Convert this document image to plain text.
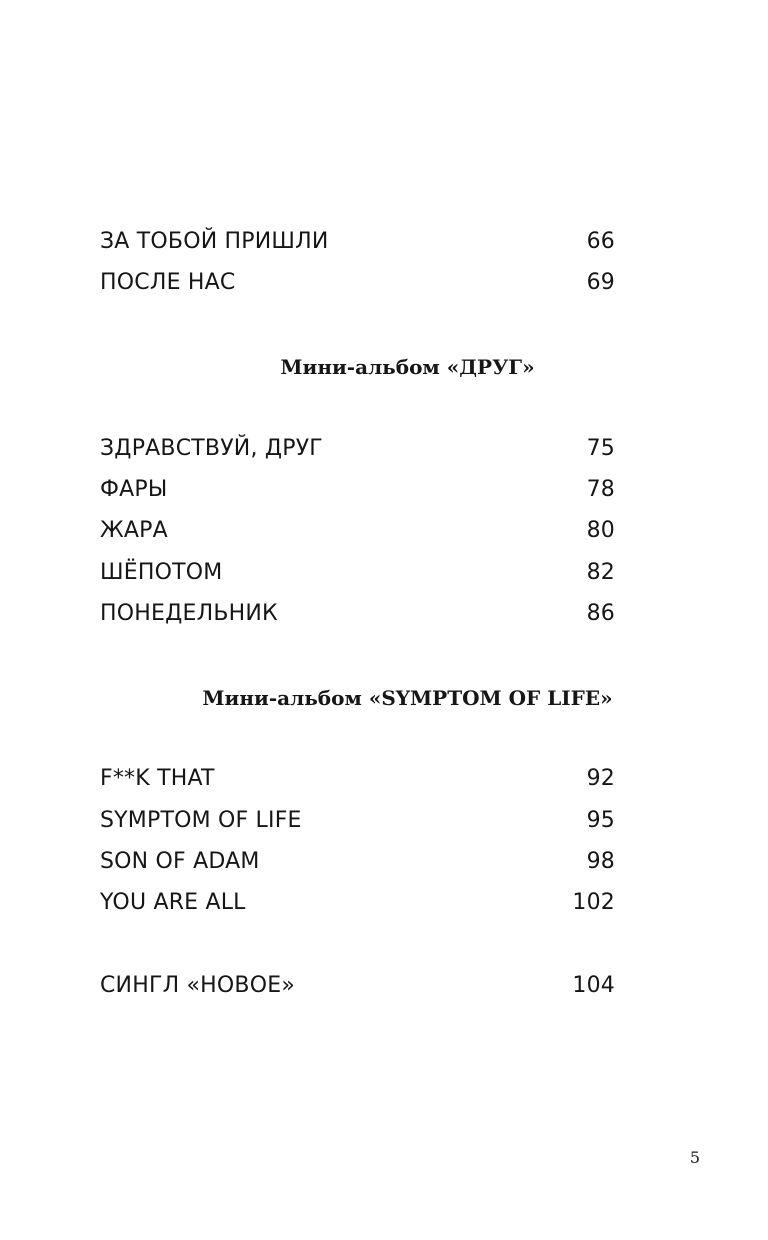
ЗА ТОБОЙ ПРИШЛИ	66
ПОСЛЕ НАС	69
Мини-альбом «ДРУГ»
ЗДРАВСТВУЙ, ДРУГ	75
ФАРЫ	78
ЖАРА	80
ШЁПОТОМ	82
ПОНЕДЕЛЬНИК	86
Мини-альбом «SYMPTOM OF LIFE»
F**K THAT	92
SYMPTOM OF LIFE	95
SON OF ADAM	98
YOU ARE ALL	102
СИНГЛ «НОВОЕ»	104
5
